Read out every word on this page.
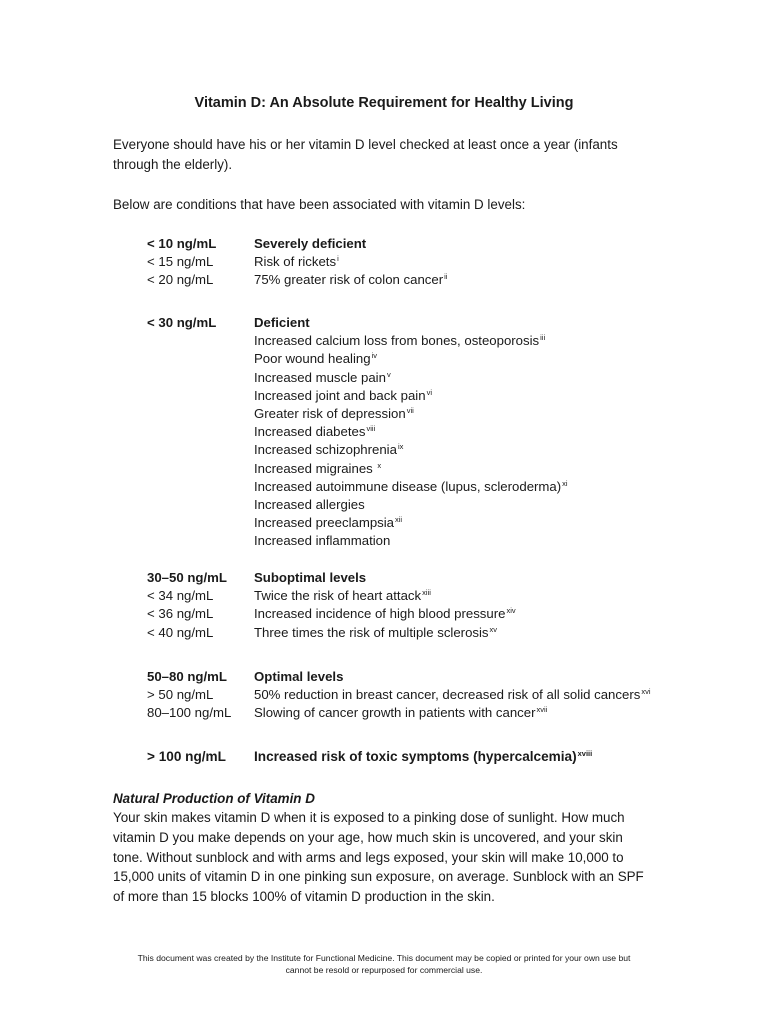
Vitamin D: An Absolute Requirement for Healthy Living

Everyone should have his or her vitamin D level checked at least once a year (infants through the elderly).

Below are conditions that have been associated with vitamin D levels:

< 10 ng/mL	Severely deficient
< 15 ng/mL	Risk of rickets$^i$
< 20 ng/mL	75% greater risk of colon cancer$^{ii}$
< 30 ng/mL	Deficient
Increased calcium loss from bones, osteoporosis$^{iii}$
Poor wound healing$^{iv}$
Increased muscle pain$^v$
Increased joint and back pain$^{vi}$
Greater risk of depression$^{vii}$
Increased diabetes$^{viii}$
Increased schizophrenia$^{ix}$
Increased migraines $^x$
Increased autoimmune disease (lupus, scleroderma)$^{xi}$
Increased allergies
Increased preeclampsia$^{xii}$
Increased inflammation
30–50 ng/mL	Suboptimal levels
< 34 ng/mL	Twice the risk of heart attack$^{xiii}$
< 36 ng/mL	Increased incidence of high blood pressure$^{xiv}$
< 40 ng/mL	Three times the risk of multiple sclerosis$^{xv}$
50–80 ng/mL	Optimal levels
> 50 ng/mL	50% reduction in breast cancer, decreased risk of all solid cancers$^{xvi}$
80–100 ng/mL	Slowing of cancer growth in patients with cancer$^{xvii}$
> 100 ng/mL	Increased risk of toxic symptoms (hypercalcemia)$^{xviii}$

Natural Production of Vitamin D

Your skin makes vitamin D when it is exposed to a pinking dose of sunlight. How much vitamin D you make depends on your age, how much skin is uncovered, and your skin tone. Without sunblock and with arms and legs exposed, your skin will make 10,000 to 15,000 units of vitamin D in one pinking sun exposure, on average. Sunblock with an SPF of more than 15 blocks 100% of vitamin D production in the skin.

This document was created by the Institute for Functional Medicine. This document may be copied or printed for your own use but
cannot be resold or repurposed for commercial use.
